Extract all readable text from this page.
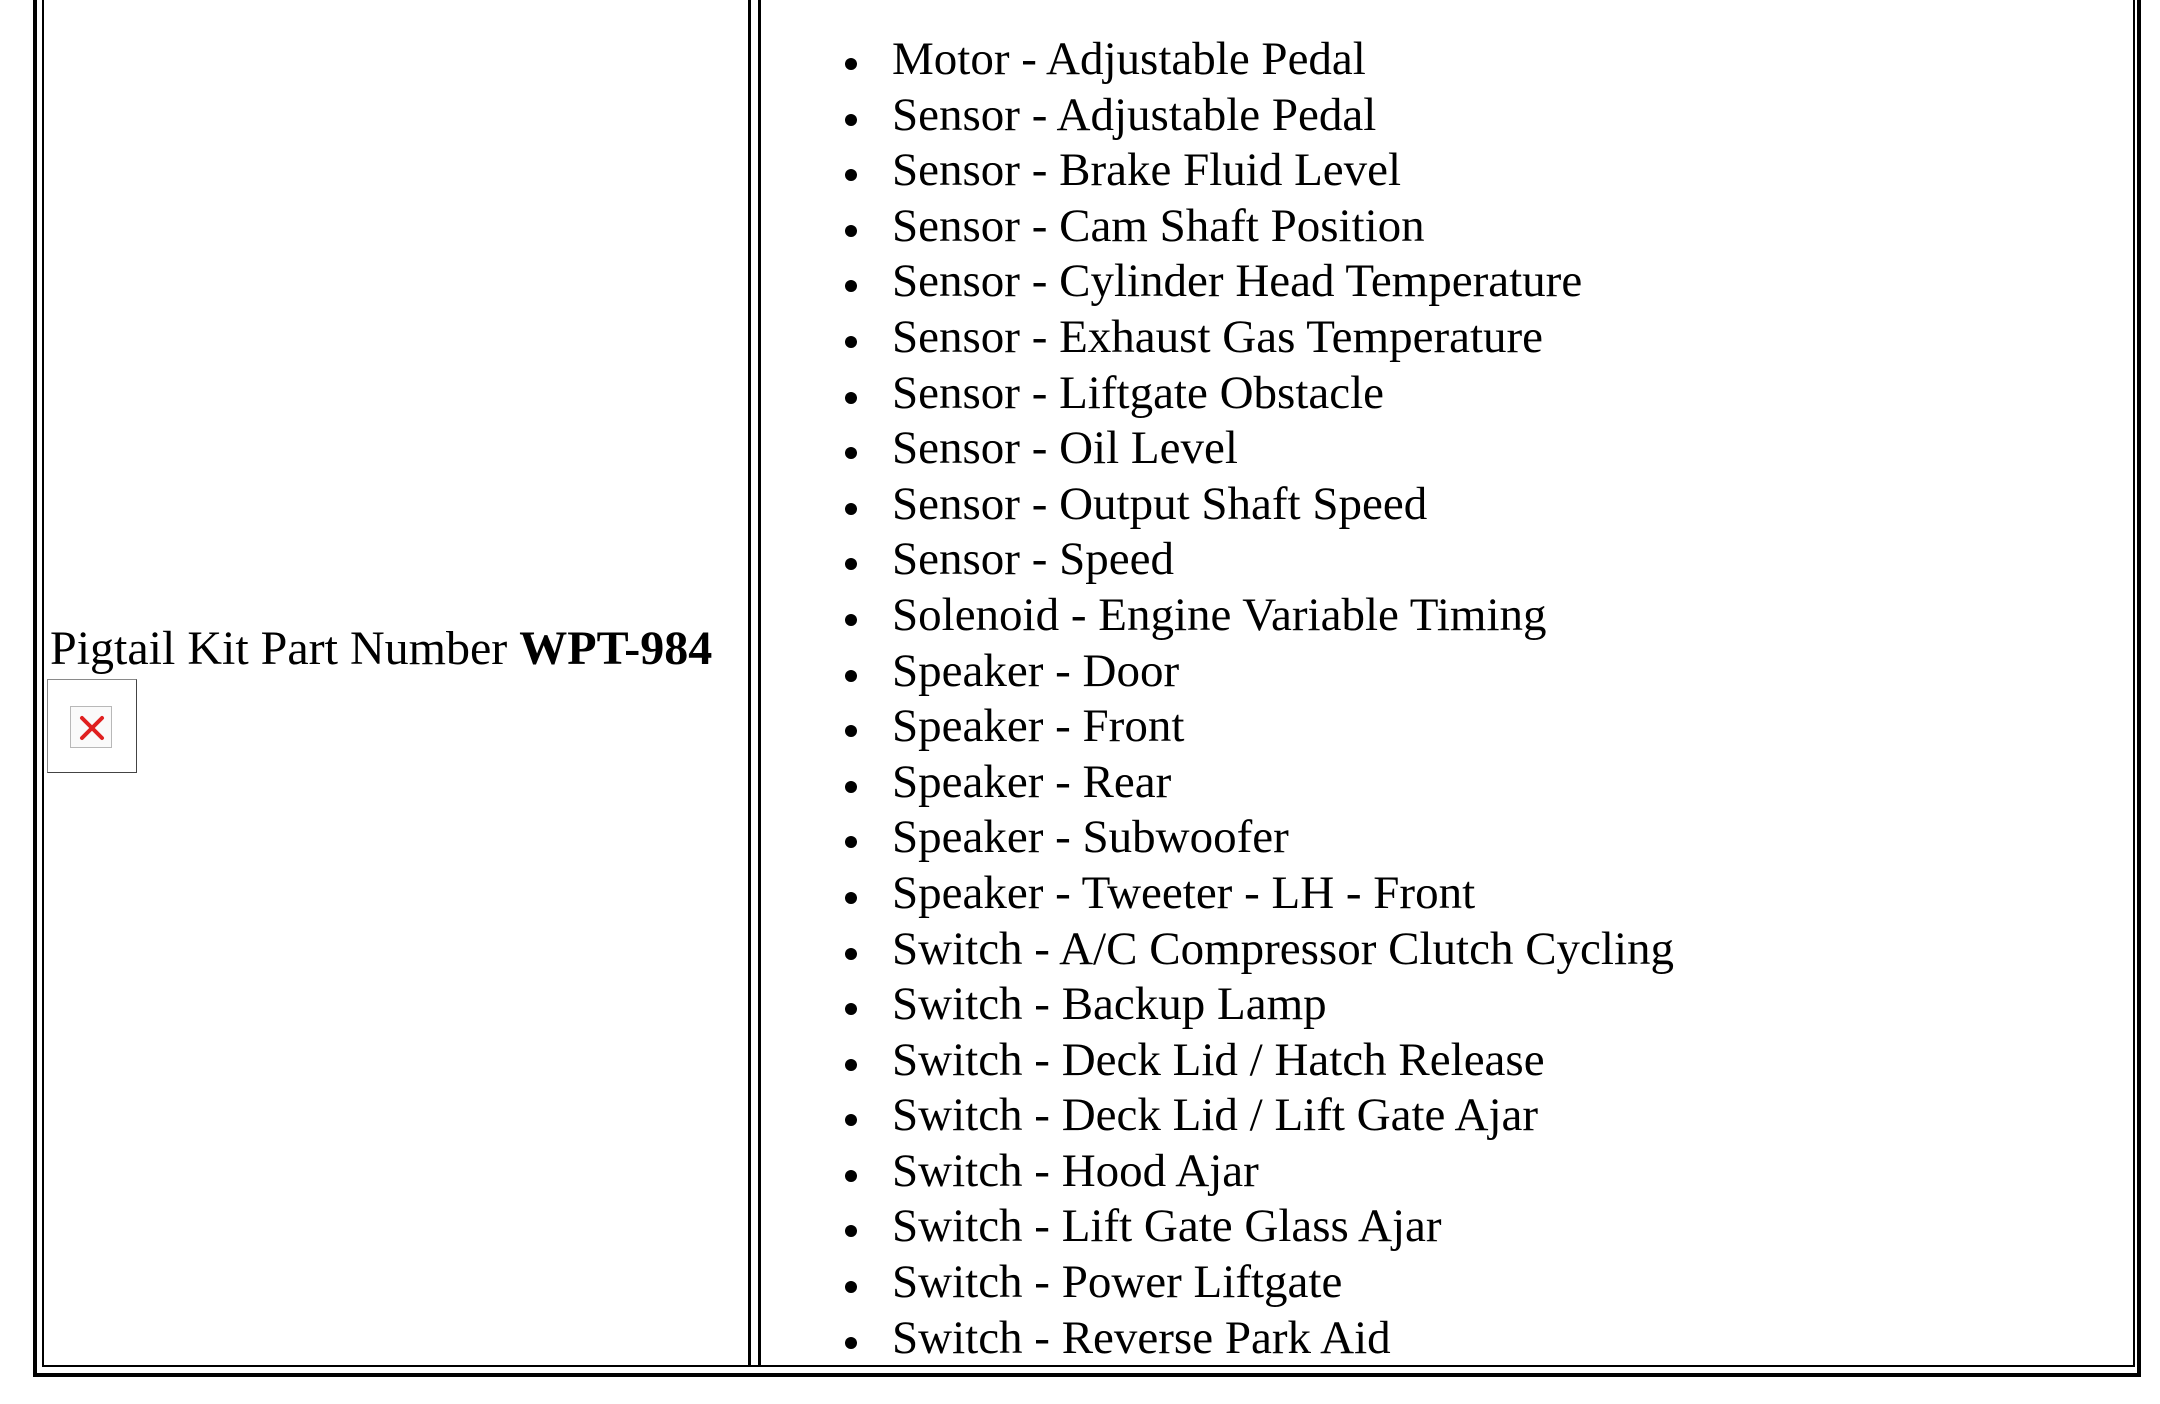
Pigtail Kit Part Number WPT-984
Motor - Adjustable Pedal
Sensor - Adjustable Pedal
Sensor - Brake Fluid Level
Sensor - Cam Shaft Position
Sensor - Cylinder Head Temperature
Sensor - Exhaust Gas Temperature
Sensor - Liftgate Obstacle
Sensor - Oil Level
Sensor - Output Shaft Speed
Sensor - Speed
Solenoid - Engine Variable Timing
Speaker - Door
Speaker - Front
Speaker - Rear
Speaker - Subwoofer
Speaker - Tweeter - LH - Front
Switch - A/C Compressor Clutch Cycling
Switch - Backup Lamp
Switch - Deck Lid / Hatch Release
Switch - Deck Lid / Lift Gate Ajar
Switch - Hood Ajar
Switch - Lift Gate Glass Ajar
Switch - Power Liftgate
Switch - Reverse Park Aid
